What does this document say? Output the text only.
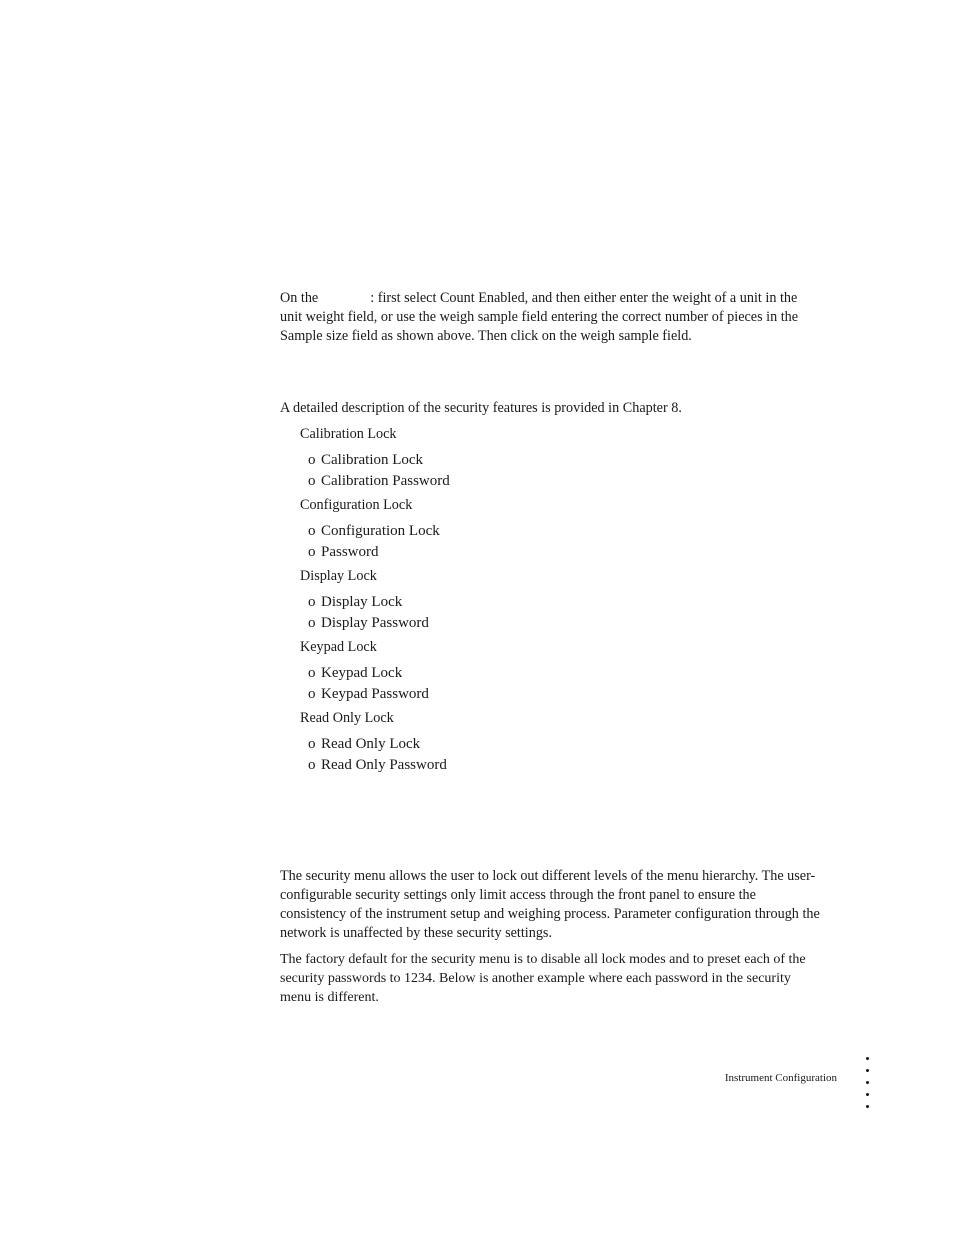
On the	: first select Count Enabled, and then either enter the weight of a unit in the unit weight field, or use the weigh sample field entering the correct number of pieces in the Sample size field as shown above. Then click on the weigh sample field.

A detailed description of the security features is provided in Chapter 8.

Calibration Lock
o Calibration Lock
o Calibration Password
Configuration Lock
o Configuration Lock
o Password
Display Lock
o Display Lock
o Display Password
Keypad Lock
o Keypad Lock
o Keypad Password
Read Only Lock
o Read Only Lock
o Read Only Password

The security menu allows the user to lock out different levels of the menu hierarchy. The user-configurable security settings only limit access through the front panel to ensure the consistency of the instrument setup and weighing process. Parameter configuration through the network is unaffected by these security settings.

The factory default for the security menu is to disable all lock modes and to preset each of the security passwords to 1234. Below is another example where each password in the security menu is different.

Instrument Configuration
